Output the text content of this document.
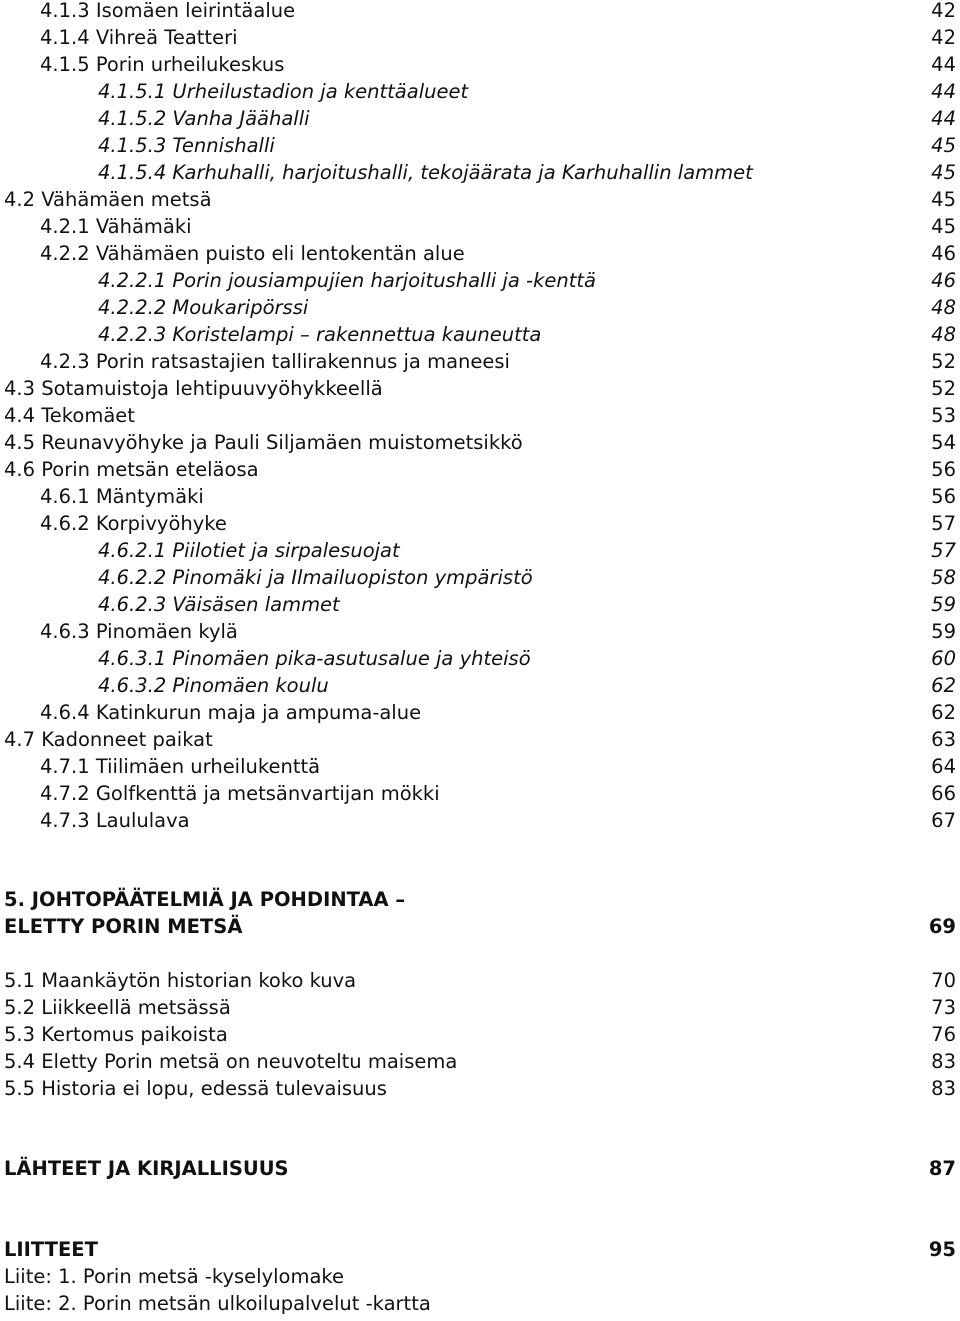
4.1.3 Isomäen leirintäalue	42
4.1.4 Vihreä Teatteri	42
4.1.5 Porin urheilukeskus	44
4.1.5.1 Urheilustadion ja kenttäalueet	44
4.1.5.2 Vanha Jäähalli	44
4.1.5.3 Tennishalli	45
4.1.5.4 Karhuhalli, harjoitushalli, tekojäärata ja Karhuhallin lammet	45
4.2 Vähämäen metsä	45
4.2.1 Vähämäki	45
4.2.2 Vähämäen puisto eli lentokentän alue	46
4.2.2.1 Porin jousiampujien harjoitushalli ja -kenttä	46
4.2.2.2 Moukaripörssi	48
4.2.2.3 Koristelampi – rakennettua kauneutta	48
4.2.3 Porin ratsastajien tallirakennus ja maneesi	52
4.3 Sotamuistoja lehtipuuvyöhykkeellä	52
4.4 Tekomäet	53
4.5 Reunavyöhyke ja Pauli Siljamäen muistometsikkö	54
4.6 Porin metsän eteläosa	56
4.6.1 Mäntymäki	56
4.6.2 Korpivyöhyke	57
4.6.2.1 Piilotiet ja sirpalesuojat	57
4.6.2.2 Pinomäki ja Ilmailuopiston ympäristö	58
4.6.2.3 Väisäsen lammet	59
4.6.3 Pinomäen kylä	59
4.6.3.1 Pinomäen pika-asutusalue ja yhteisö	60
4.6.3.2 Pinomäen koulu	62
4.6.4 Katinkurun maja ja ampuma-alue	62
4.7 Kadonneet paikat	63
4.7.1 Tiilimäen urheilukenttä	64
4.7.2 Golfkenttä ja metsänvartijan mökki	66
4.7.3 Laululava	67
5. JOHTOPÄÄTELMIÄ JA POHDINTAA –
ELETTY PORIN METSÄ	69
5.1 Maankäytön historian koko kuva	70
5.2 Liikkeellä metsässä	73
5.3 Kertomus paikoista	76
5.4 Eletty Porin metsä on neuvoteltu maisema	83
5.5 Historia ei lopu, edessä tulevaisuus	83
LÄHTEET JA KIRJALLISUUS	87
LIITTEET	95
Liite: 1. Porin metsä -kyselylomake
Liite: 2. Porin metsän ulkoilupalvelut -kartta
